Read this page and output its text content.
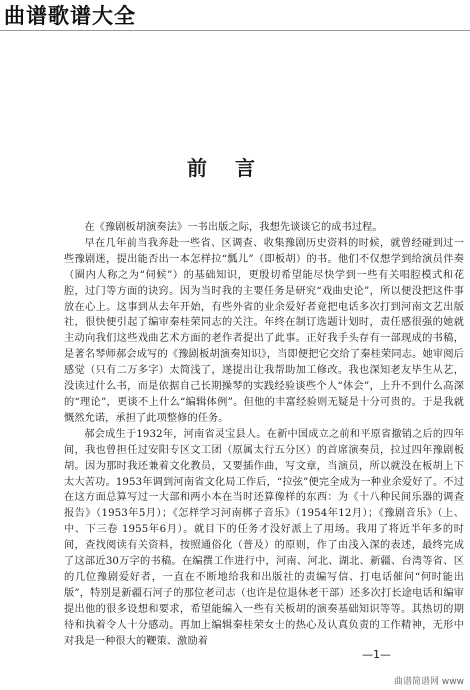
曲谱歌谱大全
前言

在《豫剧板胡演奏法》一书出版之际，我想先谈谈它的成书过程。

早在几年前当我奔赴一些省、区调查、收集豫剧历史资料的时候，就曾经碰到过一些豫剧迷，提出能否出一本怎样拉“瓢儿”（即板胡）的书。他们不仅想学到给演员伴奏（圈内人称之为“伺候”）的基础知识，更殷切希望能尽快学到一些有关唱腔模式和花腔，过门等方面的诀窍。因为当时我的主要任务是研究“戏曲史论”，所以便没把这件事放在心上。这事到从去年开始，有些外省的业余爱好者竟把电话多次打到河南文艺出版社，很快便引起了编审秦桂荣同志的关注。年终在制订选题计划时，责任感很强的她就主动向我们这些戏曲艺术方面的老作者提出了此事。正好我手头存有一部现成的书稿，是著名琴师郝会成写的《豫剧板胡演奏知识》，当即便把它交给了秦桂荣同志。她审阅后感觉（只有二万多字）太简浅了，遂提出让我帮助加工修改。我也深知老友毕生从艺，没读过什么书，而是依据自己长期操琴的实践经验谈些个人“体会”，上升不到什么高深的“理论”，更谈不上什么“编辑体例”。但他的丰富经验则无疑是十分可贵的。于是我就慨然允诺，承担了此项整修的任务。

郝会成生于1932年，河南省灵宝县人。在新中国成立之前和平原省撤销之后的四年间，我也曾担任过安阳专区文工团（原属太行五分区）的首席演奏员，拉过四年豫剧板胡。因为那时我还兼着文化教员，又要插作曲，写文章，当演员，所以就没在板胡上下太大苦功。1953年调到河南省文化局工作后，“拉弦”便完全成为一种业余爱好了。不过在这方面总算写过一大部和两小本在当时还算像样的东西：为《十八种民间乐器的调查报告》（1953年5月）；《怎样学习河南梆子音乐》（1954年12月）；《豫剧音乐》（上、中、下三卷 1955年6月）。就目下的任务才没好派上了用场。我用了将近半年多的时间，查找阅读有关资料，按照通俗化（普及）的原则，作了由浅入深的表述，最终完成了这部近30万字的书稿。在编撰工作进行中，河南、河北、湖北、新疆、台湾等省、区的几位豫剧爱好者，一直在不断地给我和出版社的责编写信、打电话催问“何时能出版”，特别是新疆石河子的那位老司志（也许是位退休老干部）还多次打长途电话和编审提出他的很多设想和要求，希望能编入一些有关板胡的演奏基础知识等等。其热切的期待和执着令人十分感动。再加上编辑秦桂荣女士的热心及认真负责的工作精神，无形中对我是一种很大的鞭策、激励着

—1—
曲谱简谱网 www
